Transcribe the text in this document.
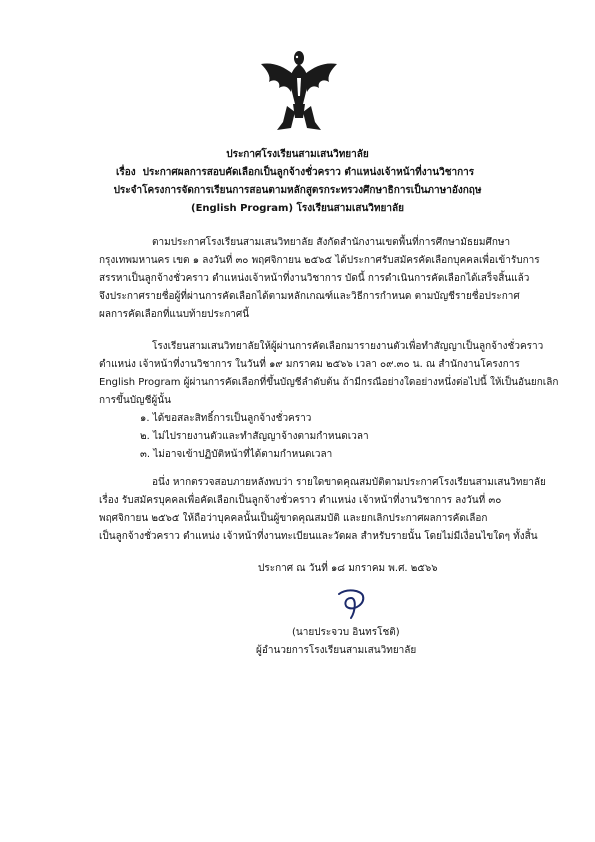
ประกาศโรงเรียนสามเสนวิทยาลัย
เรื่อง ประกาศผลการสอบคัดเลือกเป็นลูกจ้างชั่วคราว ตำแหน่งเจ้าหน้าที่งานวิชาการ
ประจำโครงการจัดการเรียนการสอนตามหลักสูตรกระทรวงศึกษาธิการเป็นภาษาอังกฤษ
(English Program) โรงเรียนสามเสนวิทยาลัย
ตามประกาศโรงเรียนสามเสนวิทยาลัย สังกัดสำนักงานเขตพื้นที่การศึกษามัธยมศึกษา
กรุงเทพมหานคร เขต ๑ ลงวันที่ ๓๐ พฤศจิกายน ๒๕๖๕ ได้ประกาศรับสมัครคัดเลือกบุคคลเพื่อเข้ารับการ
สรรหาเป็นลูกจ้างชั่วคราว ตำแหน่งเจ้าหน้าที่งานวิชาการ บัดนี้ การดำเนินการคัดเลือกได้เสร็จสิ้นแล้ว
จึงประกาศรายชื่อผู้ที่ผ่านการคัดเลือกได้ตามหลักเกณฑ์และวิธีการกำหนด ตามบัญชีรายชื่อประกาศ
ผลการคัดเลือกที่แนบท้ายประกาศนี้
โรงเรียนสามเสนวิทยาลัยให้ผู้ผ่านการคัดเลือกมารายงานตัวเพื่อทำสัญญาเป็นลูกจ้างชั่วคราว
ตำแหน่ง เจ้าหน้าที่งานวิชาการ ในวันที่ ๑๙ มกราคม ๒๕๖๖ เวลา ๐๙.๓๐ น. ณ สำนักงานโครงการ
English Program ผู้ผ่านการคัดเลือกที่ขึ้นบัญชีลำดับต้น ถ้ามีกรณีอย่างใดอย่างหนึ่งต่อไปนี้ ให้เป็นอันยกเลิก
การขึ้นบัญชีผู้นั้น
๑. ได้ขอสละสิทธิ์การเป็นลูกจ้างชั่วคราว
๒. ไม่ไปรายงานตัวและทำสัญญาจ้างตามกำหนดเวลา
๓. ไม่อาจเข้าปฏิบัติหน้าที่ได้ตามกำหนดเวลา
อนึ่ง หากตรวจสอบภายหลังพบว่า รายใดขาดคุณสมบัติตามประกาศโรงเรียนสามเสนวิทยาลัย
เรื่อง รับสมัครบุคคลเพื่อคัดเลือกเป็นลูกจ้างชั่วคราว ตำแหน่ง เจ้าหน้าที่งานวิชาการ ลงวันที่ ๓๐
พฤศจิกายน ๒๕๖๕ ให้ถือว่าบุคคลนั้นเป็นผู้ขาดคุณสมบัติ และยกเลิกประกาศผลการคัดเลือก
เป็นลูกจ้างชั่วคราว ตำแหน่ง เจ้าหน้าที่งานทะเบียนและวัดผล สำหรับรายนั้น โดยไม่มีเงื่อนไขใดๆ ทั้งสิ้น
ประกาศ ณ วันที่ ๑๘ มกราคม พ.ศ. ๒๕๖๖
(นายประจวบ อินทรโชติ)
ผู้อำนวยการโรงเรียนสามเสนวิทยาลัย
